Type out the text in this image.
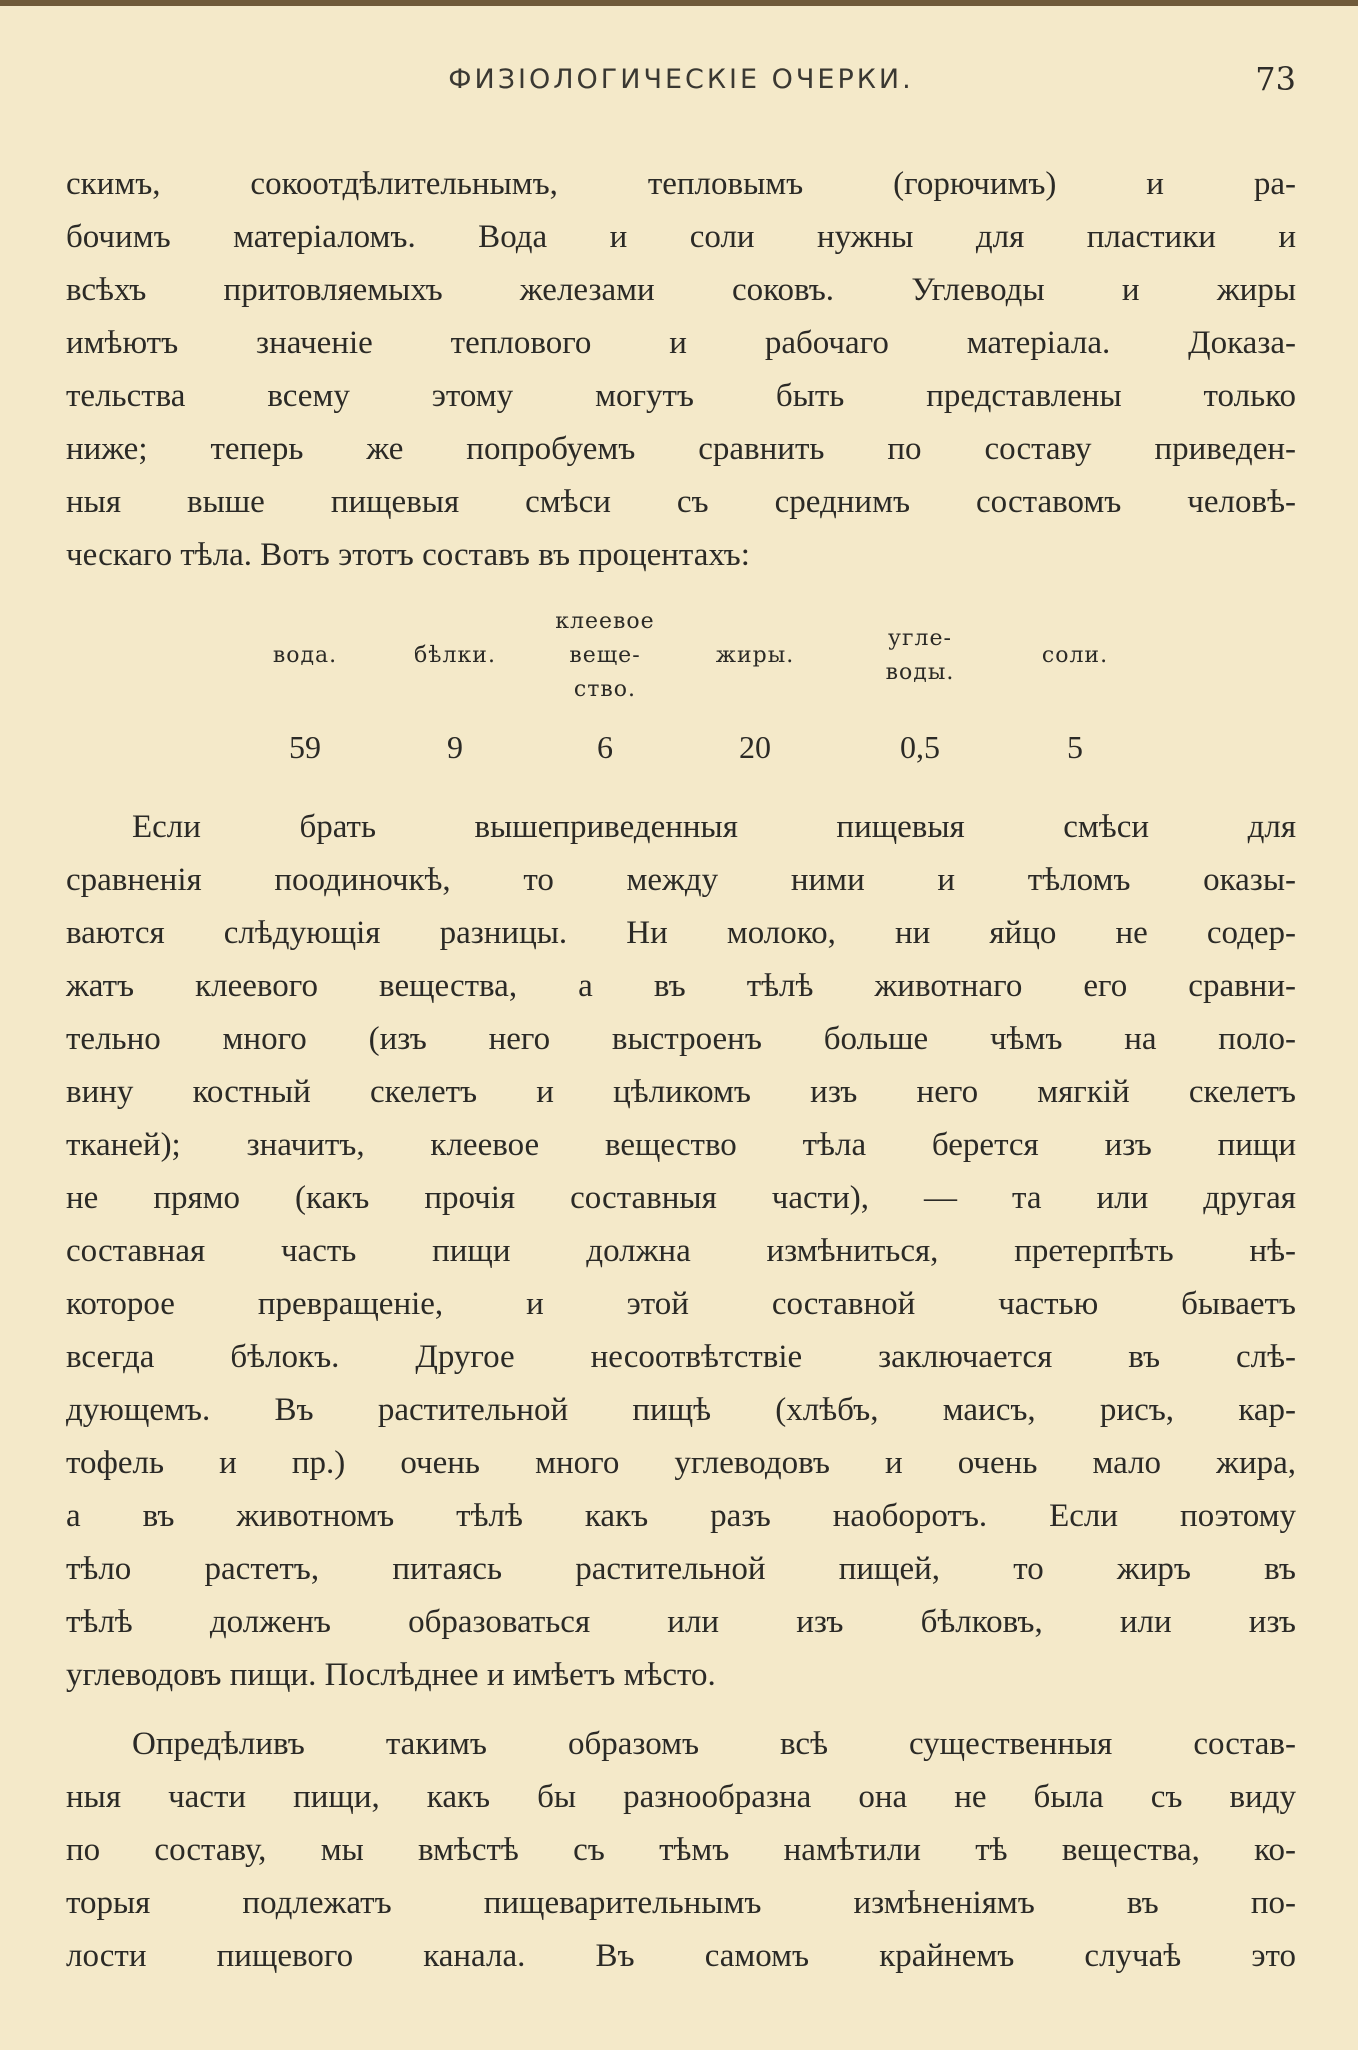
ФИЗІОЛОГИЧЕСКІЕ ОЧЕРКИ.	73
скимъ, сокоотдѣлительнымъ, тепловымъ (горючимъ) и ра-
бочимъ матеріаломъ. Вода и соли нужны для пластики и
всѣхъ притовляемыхъ железами соковъ. Углеводы и жиры
имѣютъ значеніе теплового и рабочаго матеріала. Доказа-
тельства всему этому могутъ быть представлены только
ниже; теперь же попробуемъ сравнить по составу приведен-
ныя выше пищевыя смѣси съ среднимъ составомъ человѣ-
ческаго тѣла. Вотъ этотъ составъ въ процентахъ:
вода.
59
бѣлки.
9
клеевое
веще-
ство.
6
жиры.
20
угле-
воды.
0,5
соли.
5
Если брать вышеприведенныя пищевыя смѣси для
сравненія поодиночкѣ, то между ними и тѣломъ оказы-
ваются слѣдующія разницы. Ни молоко, ни яйцо не содер-
жатъ клеевого вещества, а въ тѣлѣ животнаго его сравни-
тельно много (изъ него выстроенъ больше чѣмъ на поло-
вину костный скелетъ и цѣликомъ изъ него мягкій скелетъ
тканей); значитъ, клеевое вещество тѣла берется изъ пищи
не прямо (какъ прочія составныя части), — та или другая
составная часть пищи должна измѣниться, претерпѣть нѣ-
которое превращеніе, и этой составной частью бываетъ
всегда бѣлокъ. Другое несоотвѣтствіе заключается въ слѣ-
дующемъ. Въ растительной пищѣ (хлѣбъ, маисъ, рисъ, кар-
тофель и пр.) очень много углеводовъ и очень мало жира,
а въ животномъ тѣлѣ какъ разъ наоборотъ. Если поэтому
тѣло растетъ, питаясь растительной пищей, то жиръ въ
тѣлѣ долженъ образоваться или изъ бѣлковъ, или изъ
углеводовъ пищи. Послѣднее и имѣетъ мѣсто.
Опредѣливъ такимъ образомъ всѣ существенныя состав-
ныя части пищи, какъ бы разнообразна она не была съ виду
по составу, мы вмѣстѣ съ тѣмъ намѣтили тѣ вещества, ко-
торыя подлежатъ пищеварительнымъ измѣненіямъ въ по-
лости пищевого канала. Въ самомъ крайнемъ случаѣ это
